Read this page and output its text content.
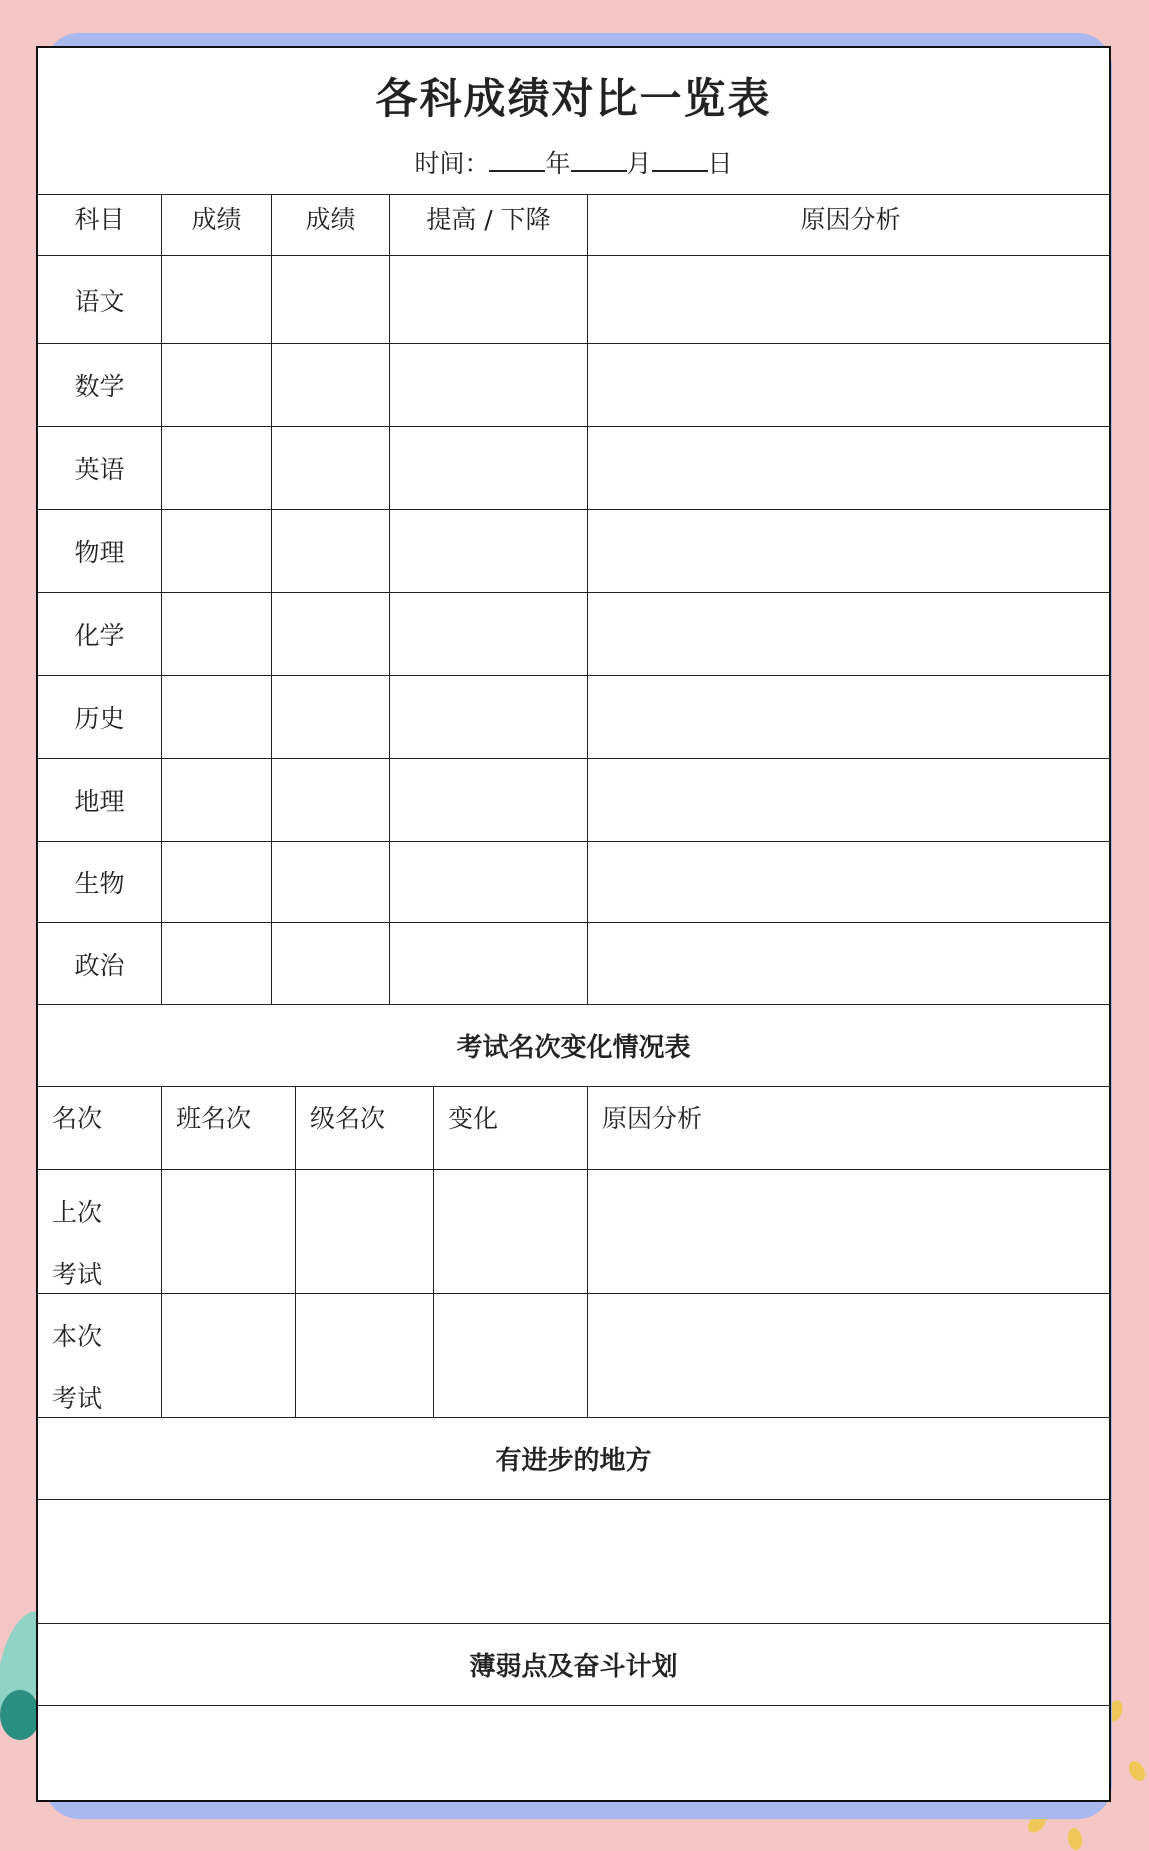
各科成绩对比一览表
时间： 年 月 日
科目	成绩	成绩	提高 / 下降	原因分析
语文
数学
英语
物理
化学
历史
地理
生物
政治
考试名次变化情况表
名次	班名次	级名次	变化	原因分析
上次
考试
本次
考试
有进步的地方
薄弱点及奋斗计划
